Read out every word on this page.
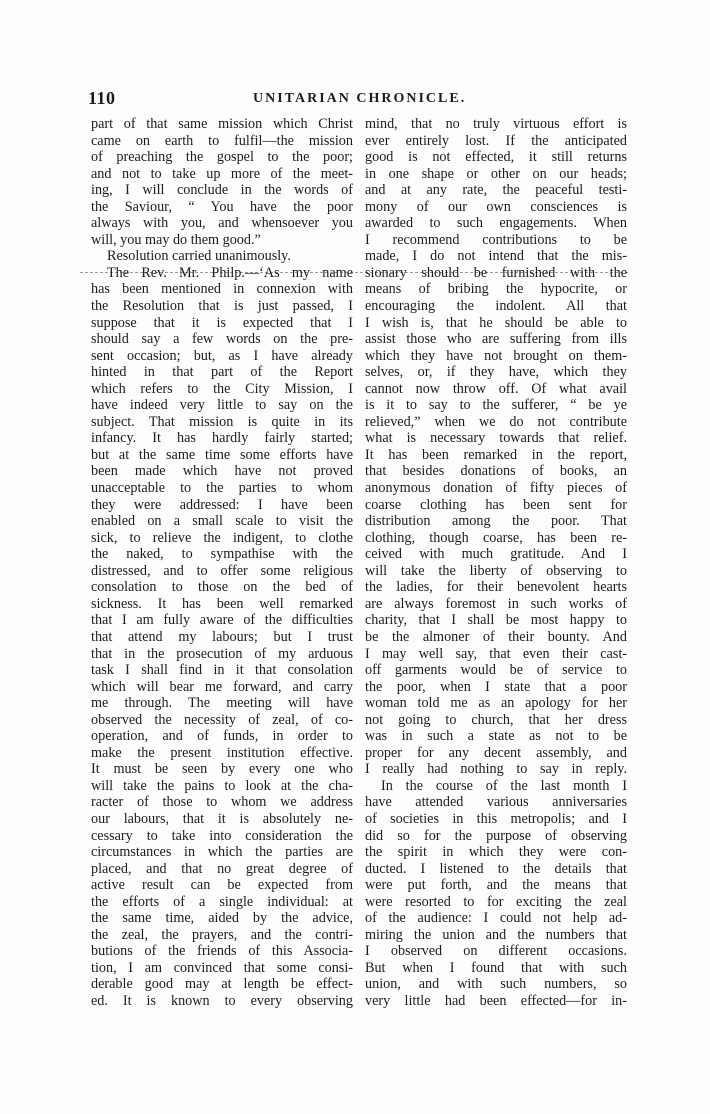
110	UNITARIAN CHRONICLE.
part of that same mission which Christ
came on earth to fulfil—the mission
of preaching the gospel to the poor;
and not to take up more of the meet-
ing, I will conclude in the words of
the Saviour, “ You have the poor
always with you, and whensoever you
will, you may do them good.”
Resolution carried unanimously.
The Rev. Mr. Philp.—‘As my name
has been mentioned in connexion with
the Resolution that is just passed, I
suppose that it is expected that I
should say a few words on the pre-
sent occasion; but, as I have already
hinted in that part of the Report
which refers to the City Mission, I
have indeed very little to say on the
subject. That mission is quite in its
infancy. It has hardly fairly started;
but at the same time some efforts have
been made which have not proved
unacceptable to the parties to whom
they were addressed: I have been
enabled on a small scale to visit the
sick, to relieve the indigent, to clothe
the naked, to sympathise with the
distressed, and to offer some religious
consolation to those on the bed of
sickness. It has been well remarked
that I am fully aware of the difficulties
that attend my labours; but I trust
that in the prosecution of my arduous
task I shall find in it that consolation
which will bear me forward, and carry
me through. The meeting will have
observed the necessity of zeal, of co-
operation, and of funds, in order to
make the present institution effective.
It must be seen by every one who
will take the pains to look at the cha-
racter of those to whom we address
our labours, that it is absolutely ne-
cessary to take into consideration the
circumstances in which the parties are
placed, and that no great degree of
active result can be expected from
the efforts of a single individual: at
the same time, aided by the advice,
the zeal, the prayers, and the contri-
butions of the friends of this Associa-
tion, I am convinced that some consi-
derable good may at length be effect-
ed. It is known to every observing
mind, that no truly virtuous effort is
ever entirely lost. If the anticipated
good is not effected, it still returns
in one shape or other on our heads;
and at any rate, the peaceful testi-
mony of our own consciences is
awarded to such engagements. When
I recommend contributions to be
made, I do not intend that the mis-
sionary should be furnished with the
means of bribing the hypocrite, or
encouraging the indolent. All that
I wish is, that he should be able to
assist those who are suffering from ills
which they have not brought on them-
selves, or, if they have, which they
cannot now throw off. Of what avail
is it to say to the sufferer, “ be ye
relieved,” when we do not contribute
what is necessary towards that relief.
It has been remarked in the report,
that besides donations of books, an
anonymous donation of fifty pieces of
coarse clothing has been sent for
distribution among the poor. That
clothing, though coarse, has been re-
ceived with much gratitude. And I
will take the liberty of observing to
the ladies, for their benevolent hearts
are always foremost in such works of
charity, that I shall be most happy to
be the almoner of their bounty. And
I may well say, that even their cast-
off garments would be of service to
the poor, when I state that a poor
woman told me as an apology for her
not going to church, that her dress
was in such a state as not to be
proper for any decent assembly, and
I really had nothing to say in reply.
In the course of the last month I
have attended various anniversaries
of societies in this metropolis; and I
did so for the purpose of observing
the spirit in which they were con-
ducted. I listened to the details that
were put forth, and the means that
were resorted to for exciting the zeal
of the audience: I could not help ad-
miring the union and the numbers that
I observed on different occasions.
But when I found that with such
union, and with such numbers, so
very little had been effected—for in-
